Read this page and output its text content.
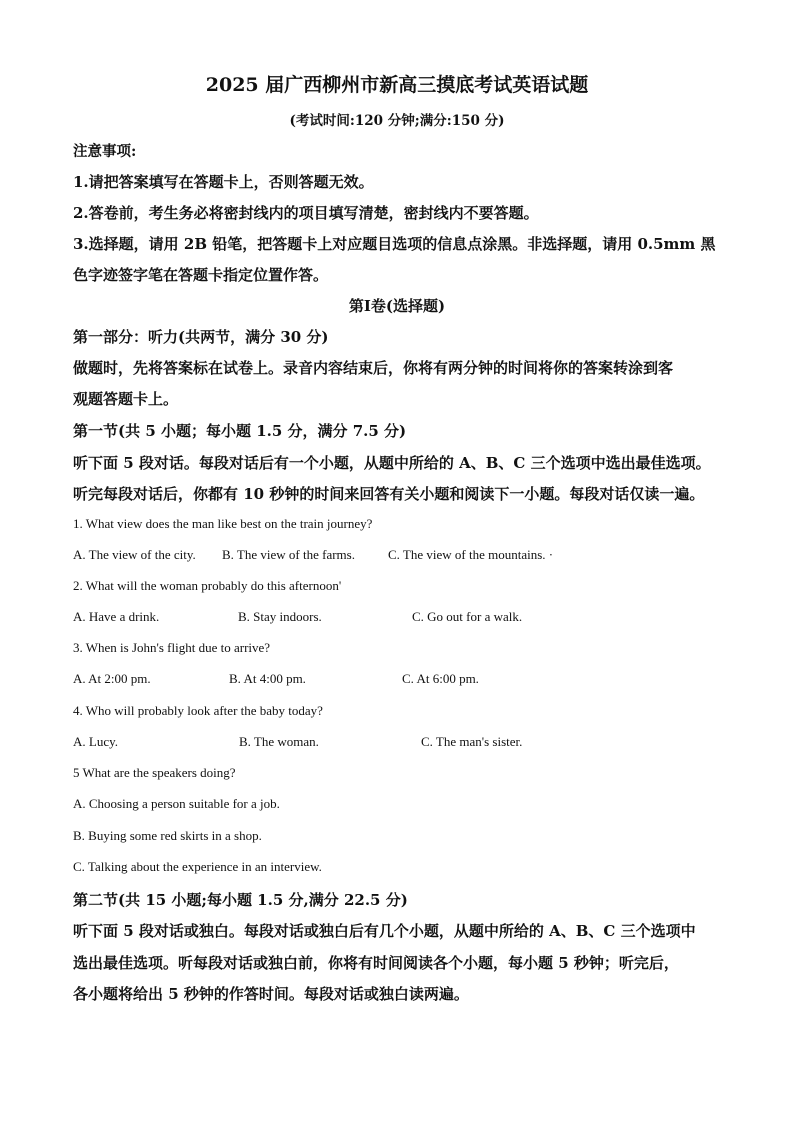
2025 届广西柳州市新高三摸底考试英语试题

(考试时间:120 分钟;满分:150 分)

注意事项:

1.请把答案填写在答题卡上，否则答题无效。

2.答卷前，考生务必将密封线内的项目填写清楚，密封线内不要答题。

3.选择题，请用 2B 铅笔，把答题卡上对应题目选项的信息点涂黑。非选择题，请用 0.5mm 黑

色字迹签字笔在答题卡指定位置作答。

第Ⅰ卷(选择题)

第一部分：听力(共两节，满分 30 分)

做题时，先将答案标在试卷上。录音内容结束后，你将有两分钟的时间将你的答案转涂到客

观题答题卡上。

第一节(共 5 小题；每小题 1.5 分，满分 7.5 分)

听下面 5 段对话。每段对话后有一个小题，从题中所给的 A、B、C 三个选项中选出最佳选项。

听完每段对话后，你都有 10 秒钟的时间来回答有关小题和阅读下一小题。每段对话仅读一遍。

1. What view does the man like best on the train journey?

A. The view of the city. B. The view of the farms.	C. The view of the mountains. ·

2. What will the woman probably do this afternoon'

A. Have a drink.	B. Stay indoors.	C. Go out for a walk.

3. When is John's flight due to arrive?

A. At 2:00 pm.	B. At 4:00 pm.	C. At 6:00 pm.

4. Who will probably look after the baby today?

A. Lucy.	B. The woman.	C. The man's sister.

5 What are the speakers doing?

A. Choosing a person suitable for a job.

B. Buying some red skirts in a shop.

C. Talking about the experience in an interview.

第二节(共 15 小题;每小题 1.5 分,满分 22.5 分)

听下面 5 段对话或独白。每段对话或独白后有几个小题，从题中所给的 A、B、C 三个选项中

选出最佳选项。听每段对话或独白前，你将有时间阅读各个小题，每小题 5 秒钟；听完后，

各小题将给出 5 秒钟的作答时间。每段对话或独白读两遍。
